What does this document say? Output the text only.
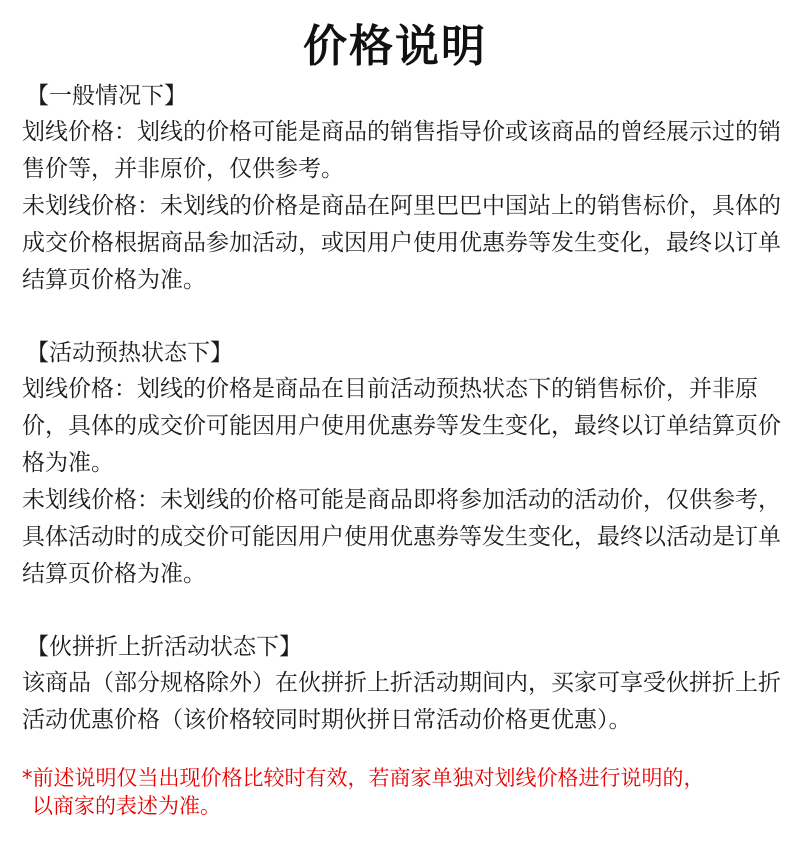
价格说明

【一般情况下】

划线价格：划线的价格可能是商品的销售指导价或该商品的曾经展示过的销售价等，并非原价，仅供参考。

未划线价格：未划线的价格是商品在阿里巴巴中国站上的销售标价，具体的成交价格根据商品参加活动，或因用户使用优惠券等发生变化，最终以订单结算页价格为准。

【活动预热状态下】

划线价格：划线的价格是商品在目前活动预热状态下的销售标价，并非原价，具体的成交价可能因用户使用优惠券等发生变化，最终以订单结算页价格为准。

未划线价格：未划线的价格可能是商品即将参加活动的活动价，仅供参考，具体活动时的成交价可能因用户使用优惠券等发生变化，最终以活动是订单结算页价格为准。

【伙拼折上折活动状态下】

该商品（部分规格除外）在伙拼折上折活动期间内，买家可享受伙拼折上折活动优惠价格（该价格较同时期伙拼日常活动价格更优惠）。

*前述说明仅当出现价格比较时有效，若商家单独对划线价格进行说明的，
以商家的表述为准。
